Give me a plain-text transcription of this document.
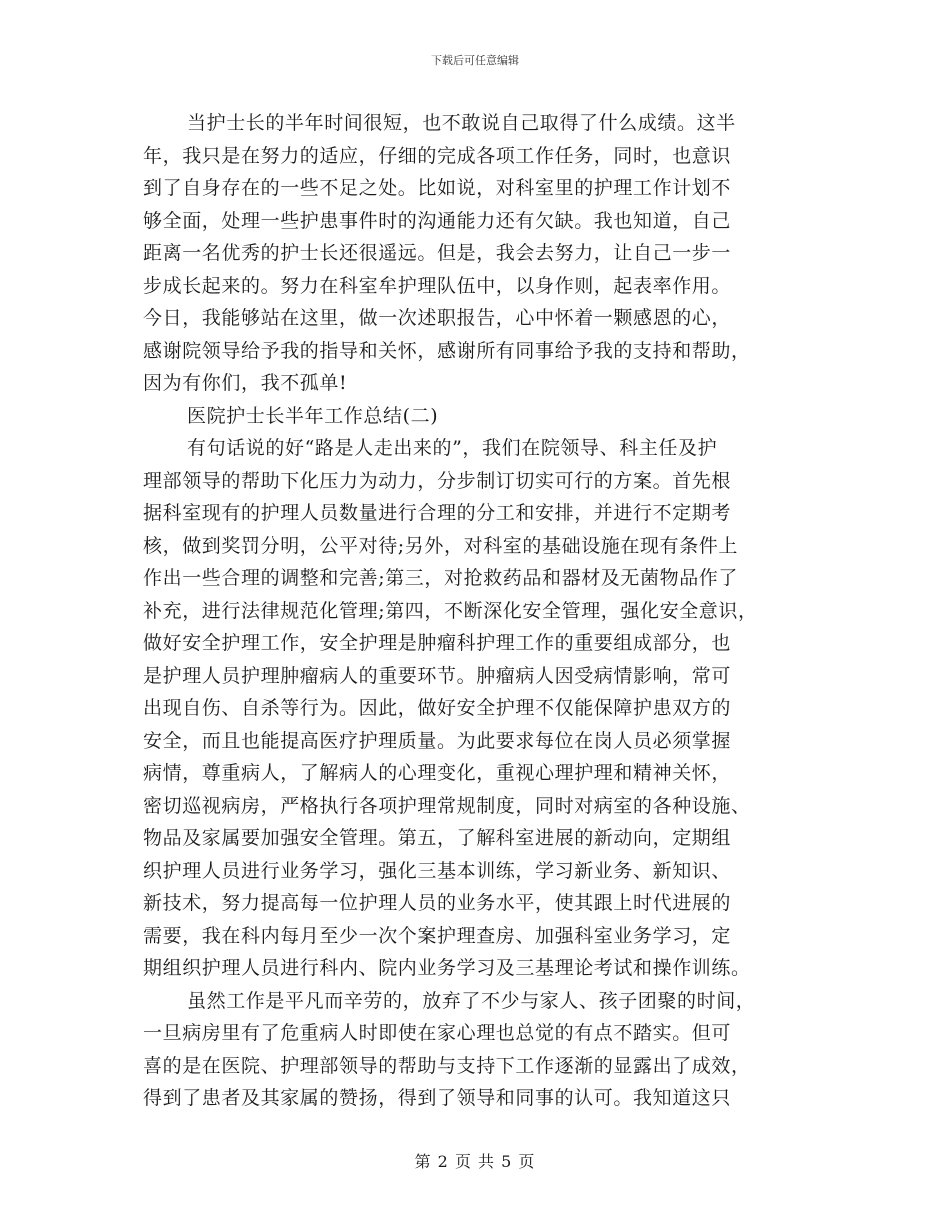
下载后可任意编辑
当护士长的半年时间很短，也不敢说自己取得了什么成绩。这半
年，我只是在努力的适应，仔细的完成各项工作任务，同时，也意识
到了自身存在的一些不足之处。比如说，对科室里的护理工作计划不
够全面，处理一些护患事件时的沟通能力还有欠缺。我也知道，自己
距离一名优秀的护士长还很遥远。但是，我会去努力，让自己一步一
步成长起来的。努力在科室牟护理队伍中，以身作则，起表率作用。
今日，我能够站在这里，做一次述职报告，心中怀着一颗感恩的心，
感谢院领导给予我的指导和关怀，感谢所有同事给予我的支持和帮助，
因为有你们，我不孤单!
医院护士长半年工作总结(二)
有句话说的好“路是人走出来的”，我们在院领导、科主任及护
理部领导的帮助下化压力为动力，分步制订切实可行的方案。首先根
据科室现有的护理人员数量进行合理的分工和安排，并进行不定期考
核，做到奖罚分明，公平对待;另外，对科室的基础设施在现有条件上
作出一些合理的调整和完善;第三，对抢救药品和器材及无菌物品作了
补充，进行法律规范化管理;第四，不断深化安全管理，强化安全意识，
做好安全护理工作，安全护理是肿瘤科护理工作的重要组成部分，也
是护理人员护理肿瘤病人的重要环节。肿瘤病人因受病情影响，常可
出现自伤、自杀等行为。因此，做好安全护理不仅能保障护患双方的
安全，而且也能提高医疗护理质量。为此要求每位在岗人员必须掌握
病情，尊重病人，了解病人的心理变化，重视心理护理和精神关怀，
密切巡视病房，严格执行各项护理常规制度，同时对病室的各种设施、
物品及家属要加强安全管理。第五，了解科室进展的新动向，定期组
织护理人员进行业务学习，强化三基本训练，学习新业务、新知识、
新技术，努力提高每一位护理人员的业务水平，使其跟上时代进展的
需要，我在科内每月至少一次个案护理查房、加强科室业务学习，定
期组织护理人员进行科内、院内业务学习及三基理论考试和操作训练。
虽然工作是平凡而辛劳的，放弃了不少与家人、孩子团聚的时间，
一旦病房里有了危重病人时即使在家心理也总觉的有点不踏实。但可
喜的是在医院、护理部领导的帮助与支持下工作逐渐的显露出了成效，
得到了患者及其家属的赞扬，得到了领导和同事的认可。我知道这只
第 2 页 共 5 页
